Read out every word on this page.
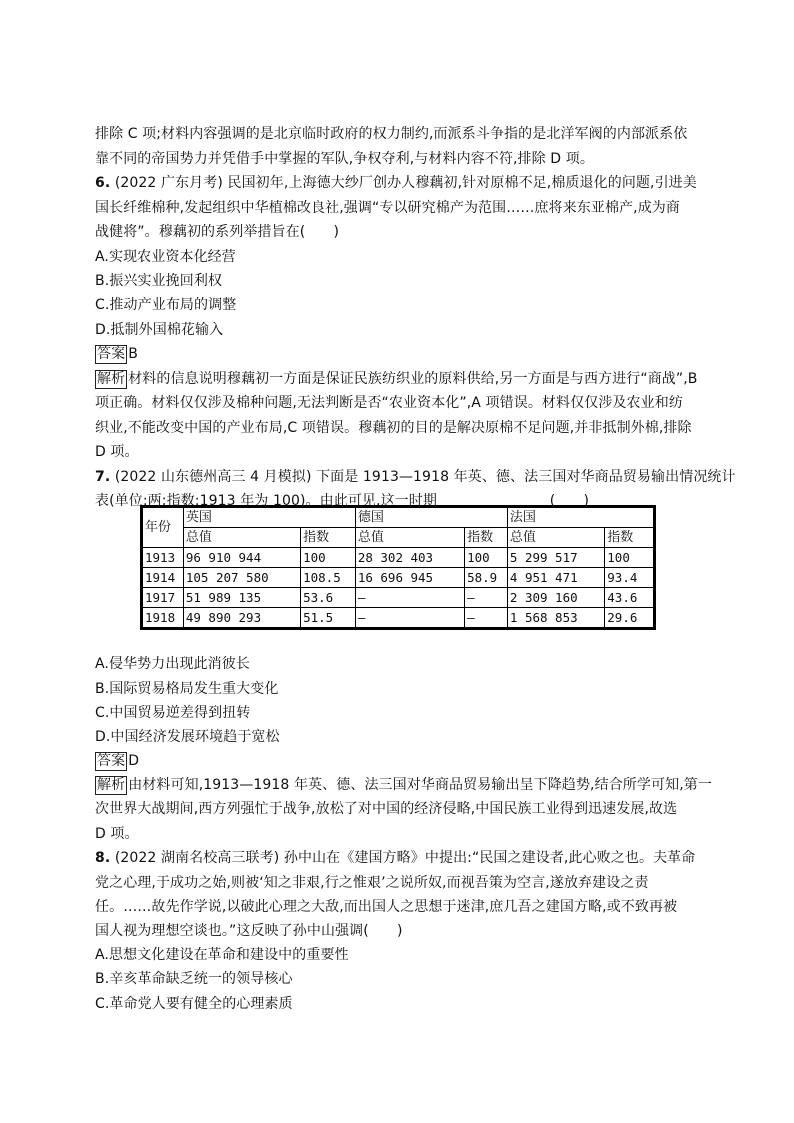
排除 C 项;材料内容强调的是北京临时政府的权力制约,而派系斗争指的是北洋军阀的内部派系依
靠不同的帝国势力并凭借手中掌握的军队,争权夺利,与材料内容不符,排除 D 项。
6. (2022 广东月考) 民国初年,上海德大纱厂创办人穆藕初,针对原棉不足,棉质退化的问题,引进美
国长纤维棉种,发起组织中华植棉改良社,强调“专以研究棉产为范围……庶将来东亚棉产,成为商
战健将”。穆藕初的系列举措旨在(　　)
A.实现农业资本化经营
B.振兴实业挽回利权
C.推动产业布局的调整
D.抵制外国棉花输入
答案 B
解析 材料的信息说明穆藕初一方面是保证民族纺织业的原料供给,另一方面是与西方进行“商战”,B
项正确。材料仅仅涉及棉种问题,无法判断是否“农业资本化”,A 项错误。材料仅仅涉及农业和纺
织业,不能改变中国的产业布局,C 项错误。穆藕初的目的是解决原棉不足问题,并非抵制外棉,排除
D 项。
7. (2022 山东德州高三 4 月模拟) 下面是 1913—1918 年英、德、法三国对华商品贸易输出情况统计
表(单位:两;指数:1913 年为 100)。由此可见,这一时期　　　　　　　　(　　)
年份	英国		德国		法国	
	总值	指数	总值	指数	总值	指数
1913	96 910 944	100	28 302 403	100	5 299 517	100
1914	105 207 580	108.5	16 696 945	58.9	4 951 471	93.4
1917	51 989 135	53.6	—	—	2 309 160	43.6
1918	49 890 293	51.5	—	—	1 568 853	29.6
A.侵华势力出现此消彼长
B.国际贸易格局发生重大变化
C.中国贸易逆差得到扭转
D.中国经济发展环境趋于宽松
答案 D
解析 由材料可知,1913—1918 年英、德、法三国对华商品贸易输出呈下降趋势,结合所学可知,第一
次世界大战期间,西方列强忙于战争,放松了对中国的经济侵略,中国民族工业得到迅速发展,故选
D 项。
8. (2022 湖南名校高三联考) 孙中山在《建国方略》中提出:“民国之建设者,此心败之也。夫革命
党之心理,于成功之始,则被‘知之非艰,行之惟艰’之说所奴,而视吾策为空言,遂放弃建设之责
任。……故先作学说,以破此心理之大敌,而出国人之思想于迷津,庶几吾之建国方略,或不致再被
国人视为理想空谈也。”这反映了孙中山强调(　　)
A.思想文化建设在革命和建设中的重要性
B.辛亥革命缺乏统一的领导核心
C.革命党人要有健全的心理素质
